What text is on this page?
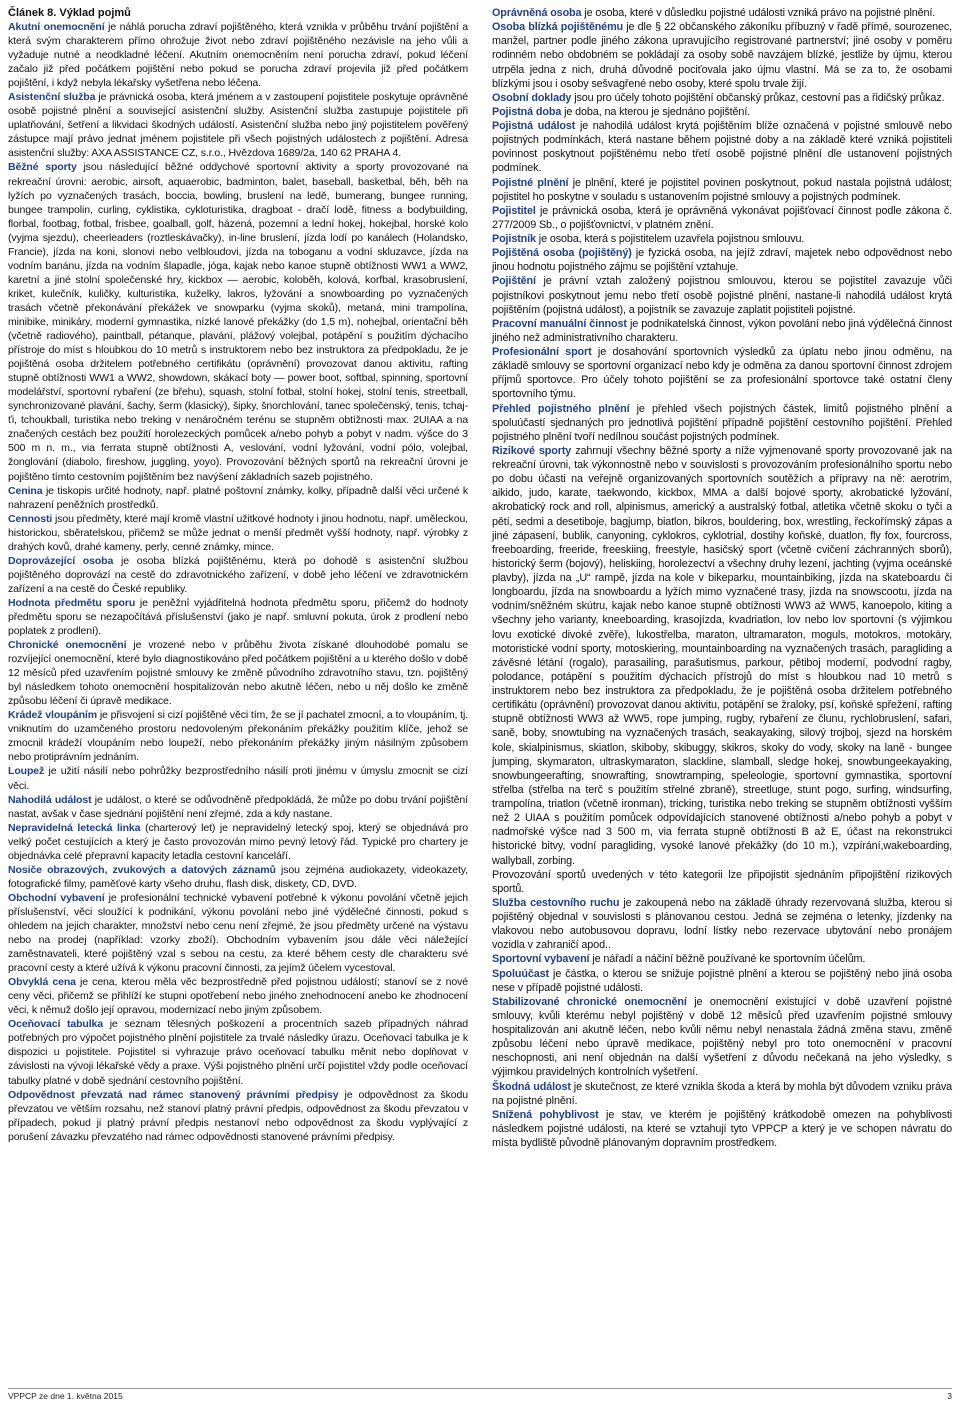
Článek 8. Výklad pojmů

Akutní onemocnění je náhlá porucha zdraví pojištěného, která vznikla v průběhu trvání pojištění a která svým charakterem přímo ohrožuje život nebo zdraví pojištěného nezávisle na jeho vůli a vyžaduje nutné a neodkladné léčení. Akutním onemocněním není porucha zdraví, pokud léčení začalo již před počátkem pojištění nebo pokud se porucha zdraví projevila již před počátkem pojištění, i když nebyla lékařsky vyšetřena nebo léčena.

Asistenční služba je právnická osoba, která jménem a v zastoupení pojistitele poskytuje oprávněné osobě pojistné plnění a související asistenční služby. Asistenční služba zastupuje pojistitele při uplatňování, šetření a likvidaci škodných událostí. Asistenční služba nebo jiný pojistitelem pověřený zástupce mají právo jednat jménem pojistitele při všech pojistných událostech z pojištění. Adresa asistenční služby: AXA ASSISTANCE CZ, s.r.o., Hvězdova 1689/2a, 140 62 PRAHA 4.

Běžné sporty jsou následující běžné oddychové sportovní aktivity a sporty provozované na rekreační úrovni: aerobic, airsoft, aquaerobic, badminton, balet, baseball, basketbal, běh, běh na lyžích po vyznačených trasách, boccia, bowling, bruslení na ledě, bumerang, bungee running, bungee trampolin, curling, cyklistika, cykloturistika, dragboat - dračí lodě, fitness a bodybuilding, florbal, footbag, fotbal, frisbee, goalball, golf, házená, pozemní a lední hokej, hokejbal, horské kolo (vyjma sjezdu), cheerleaders (roztleskávačky), in-line bruslení, jízda lodí po kanálech (Holandsko, Francie), jízda na koni, slonovi nebo velbloudovi, jízda na toboganu a vodní skluzavce, jízda na vodním banánu, jízda na vodním šlapadle, jóga, kajak nebo kanoe stupně obtížnosti WW1 a WW2, karetní a jiné stolní společenské hry, kickbox — aerobic, koloběh, kolová, korfbal, krasobruslení, kriket, kulečník, kuličky, kulturistika, kuželky, lakros, lyžování a snowboarding po vyznačených trasách včetně překonávání překážek ve snowparku (vyjma skoků), metaná, mini trampolína, minibike, minikáry, moderní gymnastika, nízké lanové překážky (do 1,5 m), nohejbal, orientační běh (včetně radiového), paintball, pétanque, plavání, plážový volejbal, potápění s použitím dýchacího přístroje do míst s hloubkou do 10 metrů s instruktorem nebo bez instruktora za předpokladu, že je pojištěná osoba držitelem potřebného certifikátu (oprávnění) provozovat danou aktivitu, rafting stupně obtížnosti WW1 a WW2, showdown, skákací boty — power boot, softbal, spinning, sportovní modelářství, sportovní rybaření (ze břehu), squash, stolní fotbal, stolní hokej, stolní tenis, streetball, synchronizované plavání, šachy, šerm (klasický), šipky, šnorchlování, tanec společenský, tenis, tchaj-ťi, tchoukball, turistika nebo treking v nenáročném terénu se stupněm obtížnosti max. 2UIAA a na značených cestách bez použití horolezeckých pomůcek a/nebo pohyb a pobyt v nadm. výšce do 3 500 m n. m., via ferrata stupně obtížnosti A, veslování, vodní lyžování, vodní pólo, volejbal, žonglování (diabolo, fireshow, juggling, yoyo). Provozování běžných sportů na rekreační úrovni je pojištěno tímto cestovním pojištěním bez navýšení základních sazeb pojistného.

Cenina je tiskopis určité hodnoty, např. platné poštovní známky, kolky, případně další věci určené k nahrazení peněžních prostředků.

Cennosti jsou předměty, které mají kromě vlastní užitkové hodnoty i jinou hodnotu, např. uměleckou, historickou, sběratelskou, přičemž se může jednat o menší předmět vyšší hodnoty, např. výrobky z drahých kovů, drahé kameny, perly, cenné známky, mince.

Doprovázející osoba je osoba blízká pojištěnému, která po dohodě s asistenční službou pojištěného doprovází na cestě do zdravotnického zařízení, v době jeho léčení ve zdravotnickém zařízení a na cestě do České republiky.

Hodnota předmětu sporu je peněžní vyjádřitelná hodnota předmětu sporu, přičemž do hodnoty předmětu sporu se nezapočítává příslušenství (jako je např. smluvní pokuta, úrok z prodlení nebo poplatek z prodlení).

Chronické onemocnění je vrozené nebo v průběhu života získané dlouhodobé pomalu se rozvíjející onemocnění, které bylo diagnostikováno před počátkem pojištění a u kterého došlo v době 12 měsíců před uzavřením pojistné smlouvy ke změně původního zdravotního stavu, tzn. pojištěný byl následkem tohoto onemocnění hospitalizován nebo akutně léčen, nebo u něj došlo ke změně způsobu léčení či úpravě medikace.

Krádež vloupáním je přisvojení si cizí pojištěné věci tím, že se jí pachatel zmocní, a to vloupáním, tj. vniknutím do uzamčeného prostoru nedovoleným překonáním překážky použitím klíče, jehož se zmocnil krádeží vloupáním nebo loupeží, nebo překonáním překážky jiným násilným způsobem nebo protiprávním jednáním.

Loupež je užití násilí nebo pohrůžky bezprostředního násilí proti jinému v úmyslu zmocnit se cizí věci.

Nahodilá událost je událost, o které se odůvodněně předpokládá, že může po dobu trvání pojištění nastat, avšak v čase sjednání pojištění není zřejmé, zda a kdy nastane.

Nepravidelná letecká linka (charterový let) je nepravidelný letecký spoj, který se objednává pro velký počet cestujících a který je často provozován mimo pevný letový řád. Typické pro chartery je objednávka celé přepravní kapacity letadla cestovní kanceláří.

Nosiče obrazových, zvukových a datových záznamů jsou zejména audiokazety, videokazety, fotografické filmy, paměťové karty všeho druhu, flash disk, diskety, CD, DVD.

Obchodní vybavení je profesionální technické vybavení potřebné k výkonu povolání včetně jejich příslušenství, věci sloužící k podnikání, výkonu povolání nebo jiné výdělečné činnosti, pokud s ohledem na jejich charakter, množství nebo cenu není zřejmé, že jsou předměty určené na výstavu nebo na prodej (například: vzorky zboží). Obchodním vybavením jsou dále věci náležející zaměstnavateli, které pojištěný vzal s sebou na cestu, za které během cesty dle charakteru své pracovní cesty a které užívá k výkonu pracovní činnosti, za jejímž účelem vycestoval.

Obvyklá cena je cena, kterou měla věc bezprostředně před pojistnou událostí; stanoví se z nové ceny věci, přičemž se přihlíží ke stupni opotřebení nebo jiného znehodnocení anebo ke zhodnocení věci, k němuž došlo její opravou, modernizací nebo jiným způsobem.

Oceňovací tabulka je seznam tělesných poškození a procentních sazeb případných náhrad potřebných pro výpočet pojistného plnění pojistitele za trvalé následky úrazu. Oceňovací tabulka je k dispozici u pojistitele. Pojistitel si vyhrazuje právo oceňovací tabulku měnit nebo doplňovat v závislosti na vývoji lékařské vědy a praxe. Výši pojistného plnění určí pojistitel vždy podle oceňovací tabulky platné v době sjednání cestovního pojištění.

Odpovědnost převzatá nad rámec stanovený právními předpisy je odpovědnost za škodu převzatou ve větším rozsahu, než stanoví platný právní předpis, odpovědnost za škodu převzatou v případech, pokud ji platný právní předpis nestanoví nebo odpovědnost za škodu vyplývající z porušení závazku převzatého nad rámec odpovědnosti stanovené právními předpisy.

Oprávněná osoba je osoba, které v důsledku pojistné události vzniká právo na pojistné plnění.

Osoba blízká pojištěnému je dle § 22 občanského zákoníku příbuzný v řadě přímé, sourozenec, manžel, partner podle jiného zákona upravujícího registrované partnerství; jiné osoby v poměru rodinném nebo obdobném se pokládají za osoby sobě navzájem blízké, jestliže by újmu, kterou utrpěla jedna z nich, druhá důvodně pociťovala jako újmu vlastní. Má se za to, že osobami blízkými jsou i osoby sešvagřené nebo osoby, které spolu trvale žijí.

Osobní doklady jsou pro účely tohoto pojištění občanský průkaz, cestovní pas a řidičský průkaz.

Pojistná doba je doba, na kterou je sjednáno pojištění.

Pojistná událost je nahodilá událost krytá pojištěním blíže označená v pojistné smlouvě nebo pojistných podmínkách, která nastane během pojistné doby a na základě které vzniká pojistiteli povinnost poskytnout pojištěnému nebo třetí osobě pojistné plnění dle ustanovení pojistných podmínek.

Pojistné plnění je plnění, které je pojistitel povinen poskytnout, pokud nastala pojistná událost; pojistitel ho poskytne v souladu s ustanovením pojistné smlouvy a pojistných podmínek.

Pojistitel je právnická osoba, která je oprávněná vykonávat pojišťovací činnost podle zákona č. 277/2009 Sb., o pojišťovnictví, v platném znění.

Pojistník je osoba, která s pojistitelem uzavřela pojistnou smlouvu.

Pojištěná osoba (pojištěný) je fyzická osoba, na jejíž zdraví, majetek nebo odpovědnost nebo jinou hodnotu pojistného zájmu se pojištění vztahuje.

Pojištění je právní vztah založený pojistnou smlouvou, kterou se pojistitel zavazuje vůči pojistníkovi poskytnout jemu nebo třetí osobě pojistné plnění, nastane-li nahodilá událost krytá pojištěním (pojistná událost), a pojistník se zavazuje zaplatit pojistiteli pojistné.

Pracovní manuální činnost je podnikatelská činnost, výkon povolání nebo jiná výdělečná činnost jiného než administrativního charakteru.

Profesionální sport je dosahování sportovních výsledků za úplatu nebo jinou odměnu, na základě smlouvy se sportovní organizací nebo kdy je odměna za danou sportovní činnost zdrojem příjmů sportovce. Pro účely tohoto pojištění se za profesionální sportovce také ostatní členy sportovního týmu.

Přehled pojistného plnění je přehled všech pojistných částek, limitů pojistného plnění a spoluúčastí sjednaných pro jednotlivá pojištění případně pojištění cestovního pojištění. Přehled pojistného plnění tvoří nedílnou součást pojistných podmínek.

Rizikové sporty zahrnují všechny běžné sporty a níže vyjmenované sporty provozované jak na rekreační úrovni, tak výkonnostně nebo v souvislosti s provozováním profesionálního sportu nebo po dobu účasti na veřejně organizovaných sportovních soutěžích a přípravy na ně: aerotrim, aikido, judo, karate, taekwondo, kickbox, MMA a další bojové sporty, akrobatické lyžování, akrobatický rock and roll, alpinismus, americký a australský fotbal, atletika včetně skoku o tyči a pětí, sedmi a desetiboje, bagjump, biatlon, bikros, bouldering, box, wrestling, řeckořímský zápas a jiné zápasení, bublik, canyoning, cyklokros, cyklotrial, dostihy koňské, duatlon, fly fox, fourcross, freeboarding, freeride, freeskiing, freestyle, hasičský sport (včetně cvičení záchranných sborů), historický šerm (bojový), heliskiing, horolezectví a všechny druhy lezení, jachting (vyjma oceánské plavby), jízda na „U“ rampě, jízda na kole v bikeparku, mountainbiking, jízda na skateboardu či longboardu, jízda na snowboardu a lyžích mimo vyznačené trasy, jízda na snowscootu, jízda na vodním/sněžném skútru, kajak nebo kanoe stupně obtížnosti WW3 až WW5, kanoepolo, kiting a všechny jeho varianty, kneeboarding, krasojízda, kvadriatlon, lov nebo lov sportovní (s výjimkou lovu exotické divoké zvěře), lukostřelba, maraton, ultramaraton, moguls, motokros, motokáry, motoristické vodní sporty, motoskiering, mountainboarding na vyznačených trasách, paragliding a závěsné létání (rogalo), parasailing, parašutismus, parkour, pětiboj moderní, podvodní ragby, polodance, potápění s použitím dýchacích přístrojů do míst s hloubkou nad 10 metrů s instruktorem nebo bez instruktora za předpokladu, že je pojištěná osoba držitelem potřebného certifikátu (oprávnění) provozovat danou aktivitu, potápění se žraloky, psí, koňské spřežení, rafting stupně obtížnosti WW3 až WW5, rope jumping, rugby, rybaření ze člunu, rychlobruslení, safari, saně, boby, snowtubing na vyznačených trasách, seakayaking, silový trojboj, sjezd na horském kole, skialpinismus, skiatlon, skiboby, skibuggy, skikros, skoky do vody, skoky na laně - bungee jumping, skymaraton, ultraskymaraton, slackline, slamball, sledge hokej, snowbungeekayaking, snowbungeerafting, snowrafting, snowtramping, speleologie, sportovní gymnastika, sportovní střelba (střelba na terč s použitím střelné zbraně), streetluge, stunt pogo, surfing, windsurfing, trampolína, triatlon (včetně ironman), tricking, turistika nebo treking se stupněm obtížnosti vyšším než 2 UIAA s použitím pomůcek odpovídajících stanovené obtížnosti a/nebo pohyb a pobyt v nadmořské výšce nad 3 500 m, via ferrata stupně obtížnosti B až E, účast na rekonstrukci historické bitvy, vodní paragliding, vysoké lanové překážky (do 10 m.), vzpírání,wakeboarding, wallyball, zorbing.
Provozování sportů uvedených v této kategorii lze připojistit sjednáním připojištění rizikových sportů.

Služba cestovního ruchu je zakoupená nebo na základě úhrady rezervovaná služba, kterou si pojištěný objednal v souvislosti s plánovanou cestou. Jedná se zejména o letenky, jízdenky na vlakovou nebo autobusovou dopravu, lodní lístky nebo rezervace ubytování nebo pronájem vozidla v zahraničí apod..

Sportovní vybavení je nářadí a náčiní běžně používané ke sportovním účelům.

Spoluúčast je částka, o kterou se snižuje pojistné plnění a kterou se pojištěný nebo jiná osoba nese v případě pojistné události.

Stabilizované chronické onemocnění je onemocnění existující v době uzavření pojistné smlouvy, kvůli kterému nebyl pojištěný v době 12 měsíců před uzavřením pojistné smlouvy hospitalizován ani akutně léčen, nebo kvůli němu nebyl nenastala žádná změna stavu, změně způsobu léčení nebo úpravě medikace, pojištěný nebyl pro toto onemocnění v pracovní neschopnosti, ani není objednán na další vyšetření z důvodu nečekaná na jeho výsledky, s výjimkou pravidelných kontrolních vyšetření.

Škodná událost je skutečnost, ze které vznikla škoda a která by mohla být důvodem vzniku práva na pojistné plnění.

Snížená pohyblivost je stav, ve kterém je pojištěný krátkodobě omezen na pohyblivosti následkem pojistné události, na které se vztahují tyto VPPCP a který je ve schopen návratu do místa bydliště původně plánovaným dopravním prostředkem.

VPPCP ze dne 1. května 2015	3
